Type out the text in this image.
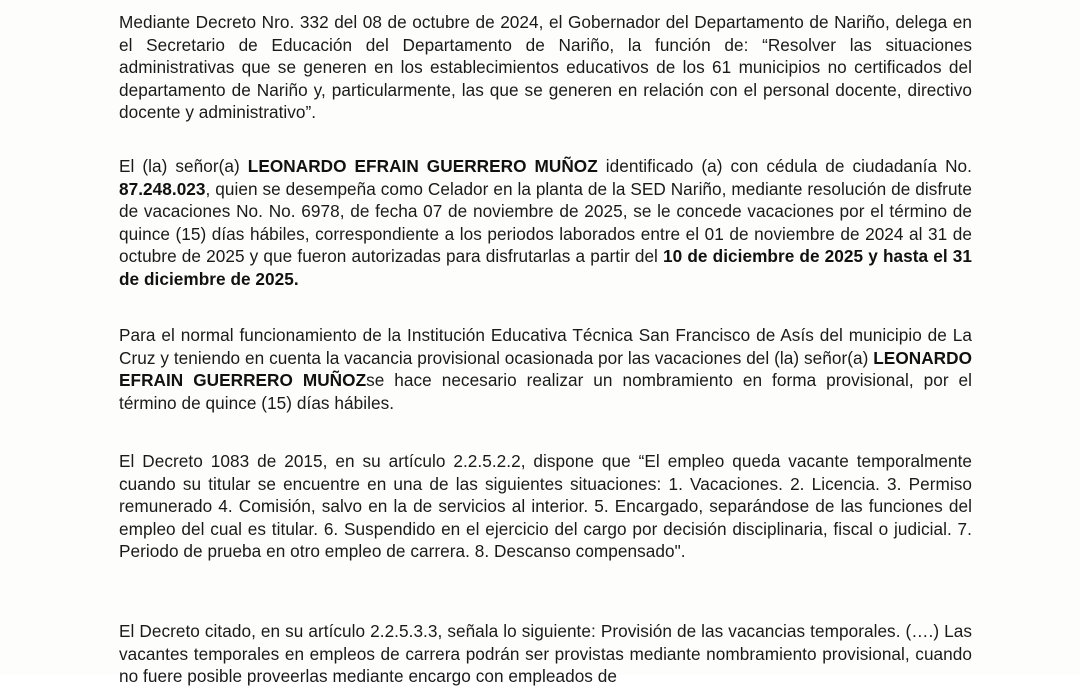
Mediante Decreto Nro. 332 del 08 de octubre de 2024, el Gobernador del Departamento de Nariño, delega en el Secretario de Educación del Departamento de Nariño, la función de: “Resolver las situaciones administrativas que se generen en los establecimientos educativos de los 61 municipios no certificados del departamento de Nariño y, particularmente, las que se generen en relación con el personal docente, directivo docente y administrativo”.

El (la) señor(a) LEONARDO EFRAIN GUERRERO MUÑOZ identificado (a) con cédula de ciudadanía No. 87.248.023, quien se desempeña como Celador en la planta de la SED Nariño, mediante resolución de disfrute de vacaciones No. No. 6978, de fecha 07 de noviembre de 2025, se le concede vacaciones por el término de quince (15) días hábiles, correspondiente a los periodos laborados entre el 01 de noviembre de 2024 al 31 de octubre de 2025 y que fueron autorizadas para disfrutarlas a partir del 10 de diciembre de 2025 y hasta el 31 de diciembre de 2025.

Para el normal funcionamiento de la Institución Educativa Técnica San Francisco de Asís del municipio de La Cruz y teniendo en cuenta la vacancia provisional ocasionada por las vacaciones del (la) señor(a) LEONARDO EFRAIN GUERRERO MUÑOZse hace necesario realizar un nombramiento en forma provisional, por el término de quince (15) días hábiles.

El Decreto 1083 de 2015, en su artículo 2.2.5.2.2, dispone que “El empleo queda vacante temporalmente cuando su titular se encuentre en una de las siguientes situaciones: 1. Vacaciones. 2. Licencia. 3. Permiso remunerado 4. Comisión, salvo en la de servicios al interior. 5. Encargado, separándose de las funciones del empleo del cual es titular. 6. Suspendido en el ejercicio del cargo por decisión disciplinaria, fiscal o judicial. 7. Periodo de prueba en otro empleo de carrera. 8. Descanso compensado".

El Decreto citado, en su artículo 2.2.5.3.3, señala lo siguiente: Provisión de las vacancias temporales. (….) Las vacantes temporales en empleos de carrera podrán ser provistas mediante nombramiento provisional, cuando no fuere posible proveerlas mediante encargo con empleados de
